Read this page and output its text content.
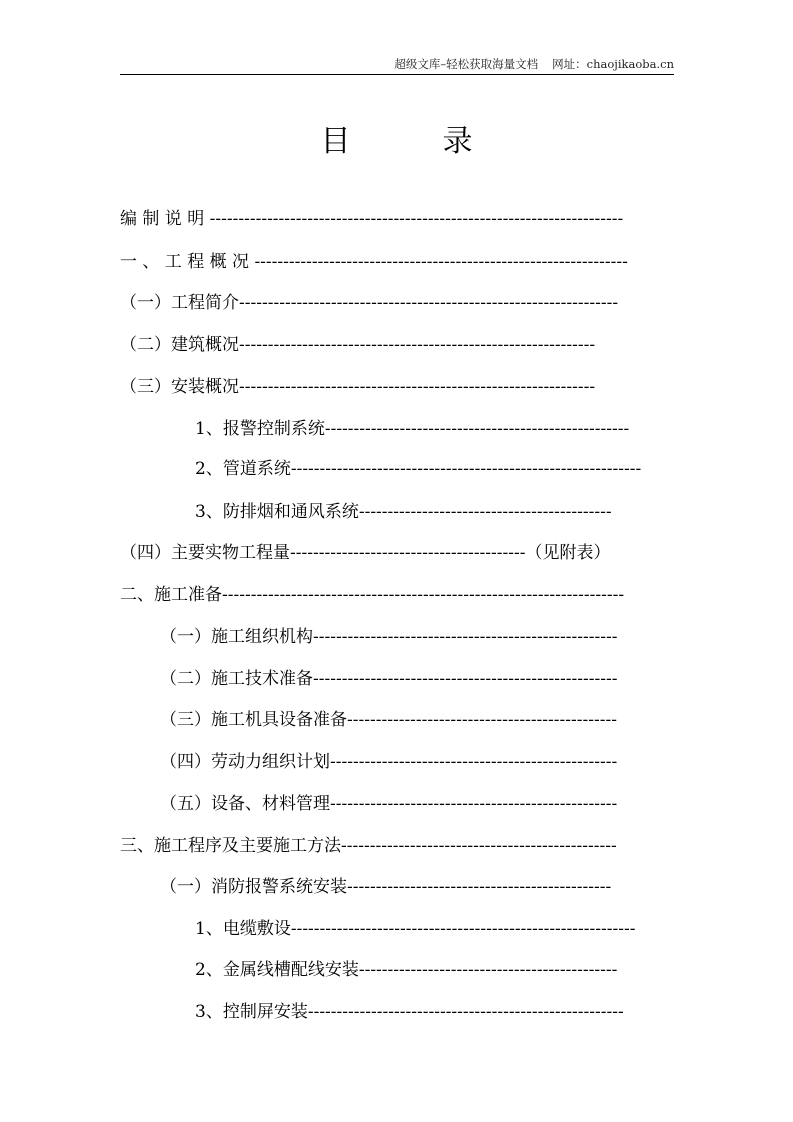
超级文库–轻松获取海量文档 网址：chaojikaoba.cn
目	录
编 制 说 明 ------------------------------------------------------------------------
一 、 工 程 概 况 -----------------------------------------------------------------
（一）工程简介------------------------------------------------------------------
（二）建筑概况--------------------------------------------------------------
（三）安装概况--------------------------------------------------------------
1、报警控制系统-----------------------------------------------------
2、管道系统-------------------------------------------------------------
3、防排烟和通风系统--------------------------------------------
（四）主要实物工程量-----------------------------------------（见附表）
二、施工准备----------------------------------------------------------------------
（一）施工组织机构-----------------------------------------------------
（二）施工技术准备-----------------------------------------------------
（三）施工机具设备准备-----------------------------------------------
（四）劳动力组织计划--------------------------------------------------
（五）设备、材料管理--------------------------------------------------
三、施工程序及主要施工方法------------------------------------------------
（一）消防报警系统安装----------------------------------------------
1、电缆敷设------------------------------------------------------------
2、金属线槽配线安装---------------------------------------------
3、控制屏安装-------------------------------------------------------
